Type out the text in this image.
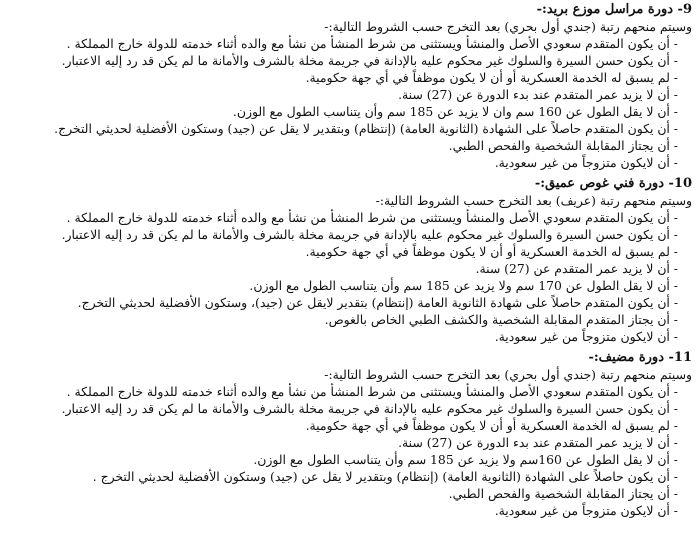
9- دورة مراسل موزع بريد:-
وسيتم منحهم رتبة (جندي أول بحري) بعد التخرج حسب الشروط التالية:-
- أن يكون المتقدم سعودي الأصل والمنشأ ويستثنى من شرط المنشأ من نشأ مع والده أثناء خدمته للدولة خارج المملكة .
- أن يكون حسن السيرة والسلوك غير محكوم عليه بالإدانة في جريمة مخلة بالشرف والأمانة ما لم يكن قد رد إليه الاعتبار.
- لم يسبق له الخدمة العسكرية أو أن لا يكون موظفاً في أي جهة حكومية.
- أن لا يزيد عمر المتقدم عند بدء الدورة عن (27) سنة.
- أن لا يقل الطول عن 160 سم وان لا يزيد عن 185 سم وأن يتناسب الطول مع الوزن.
- أن يكون المتقدم حاصلاً على الشهادة (الثانوية العامة) (إنتظام) وبتقدير لا يقل عن (جيد) وستكون الأفضلية لحديثي التخرج.
- أن يجتاز المقابلة الشخصية والفحص الطبي.
- أن لايكون متزوجاً من غير سعودية.
10- دورة فني غوص عميق:-
وسيتم منحهم رتبة (عريف) بعد التخرج حسب الشروط التالية:-
- أن يكون المتقدم سعودي الأصل والمنشأ ويستثنى من شرط المنشأ من نشأ مع والده أثناء خدمته للدولة خارج المملكة .
- أن يكون حسن السيرة والسلوك غير محكوم عليه بالإدانة في جريمة مخلة بالشرف والأمانة ما لم يكن قد رد إليه الاعتبار.
- لم يسبق له الخدمة العسكرية أو أن لا يكون موظفاً في أي جهة حكومية.
- أن لا يزيد عمر المتقدم عن (27) سنة.
- أن لا يقل الطول عن 170 سم ولا يزيد عن 185 سم وأن يتناسب الطول مع الوزن.
- أن يكون المتقدم حاصلاً على شهادة الثانوية العامة (إنتظام) بتقدير لايقل عن (جيد)، وستكون الأفضلية لحديثي التخرج.
- أن يجتاز المتقدم المقابلة الشخصية والكشف الطبي الخاص بالغوص.
- أن لايكون متزوجاً من غير سعودية.
11- دورة مضيف:-
وسيتم منحهم رتبة (جندي أول بحري) بعد التخرج حسب الشروط التالية:-
- أن يكون المتقدم سعودي الأصل والمنشأ ويستثنى من شرط المنشأ من نشأ مع والده أثناء خدمته للدولة خارج المملكة .
- أن يكون حسن السيرة والسلوك غير محكوم عليه بالإدانة في جريمة مخلة بالشرف والأمانة ما لم يكن قد رد إليه الاعتبار.
- لم يسبق له الخدمة العسكرية أو أن لا يكون موظفاً في أي جهة حكومية.
- أن لا يزيد عمر المتقدم عند بدء الدورة عن (27) سنة.
- أن لا يقل الطول عن 160سم ولا يزيد عن 185 سم وأن يتناسب الطول مع الوزن.
- أن يكون حاصلاً على الشهادة (الثانوية العامة) (إنتظام) وبتقدير لا يقل عن (جيد) وستكون الأفضلية لحديثي التخرج .
- أن يجتاز المقابلة الشخصية والفحص الطبي.
- أن لايكون متزوجاً من غير سعودية.
